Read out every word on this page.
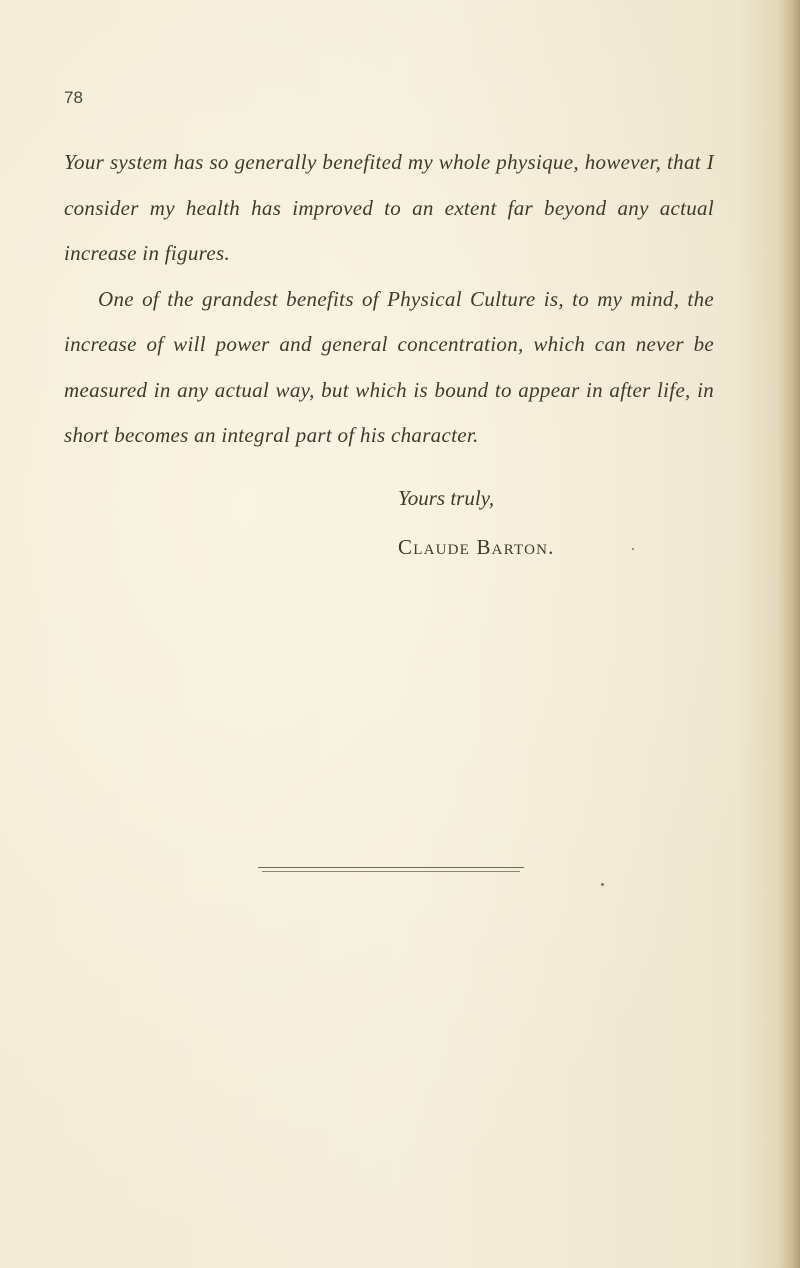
78

Your system has so generally benefited my whole physique, however, that I consider my health has improved to an extent far beyond any actual increase in figures.

One of the grandest benefits of Physical Culture is, to my mind, the increase of will power and general concentration, which can never be measured in any actual way, but which is bound to appear in after life, in short becomes an integral part of his character.

Yours truly,
Claude Barton.
